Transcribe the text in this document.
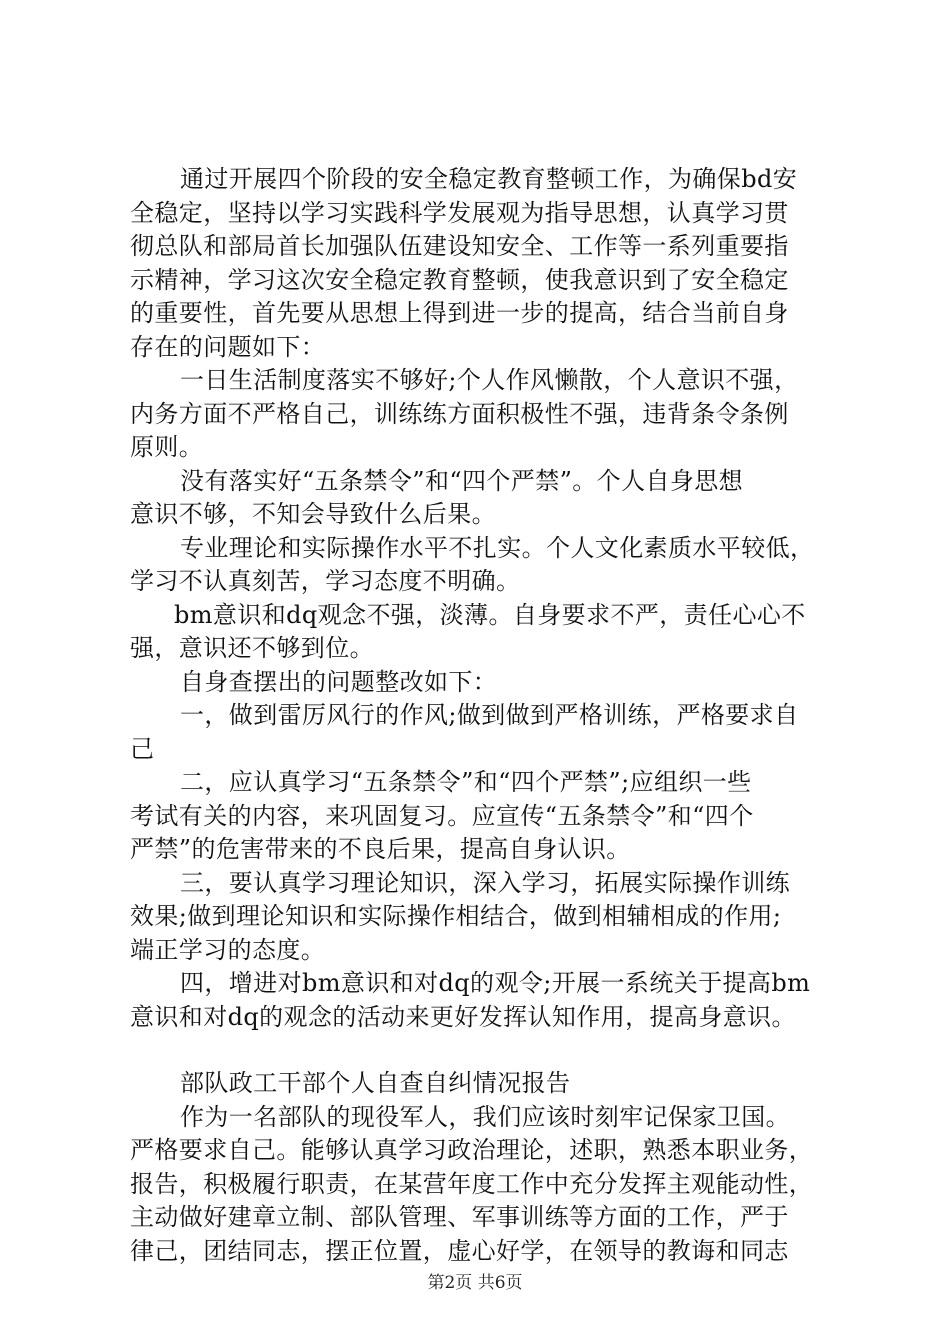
通过开展四个阶段的安全稳定教育整顿工作，为确保bd安
全稳定，坚持以学习实践科学发展观为指导思想，认真学习贯
彻总队和部局首长加强队伍建设知安全、工作等一系列重要指
示精神，学习这次安全稳定教育整顿，使我意识到了安全稳定
的重要性，首先要从思想上得到进一步的提高，结合当前自身
存在的问题如下：
一日生活制度落实不够好;个人作风懒散，个人意识不强，
内务方面不严格自己，训练练方面积极性不强，违背条令条例
原则。
没有落实好“五条禁令”和“四个严禁”。个人自身思想
意识不够，不知会导致什么后果。
专业理论和实际操作水平不扎实。个人文化素质水平较低，
学习不认真刻苦，学习态度不明确。
bm意识和dq观念不强，淡薄。自身要求不严，责任心心不
强，意识还不够到位。
自身查摆出的问题整改如下：
一，做到雷厉风行的作风;做到做到严格训练，严格要求自
己
二，应认真学习“五条禁令”和“四个严禁”;应组织一些
考试有关的内容，来巩固复习。应宣传“五条禁令”和“四个
严禁”的危害带来的不良后果，提高自身认识。
三，要认真学习理论知识，深入学习，拓展实际操作训练
效果;做到理论知识和实际操作相结合，做到相辅相成的作用;
端正学习的态度。
四，增进对bm意识和对dq的观令;开展一系统关于提高bm
意识和对dq的观念的活动来更好发挥认知作用，提高身意识。
部队政工干部个人自查自纠情况报告
作为一名部队的现役军人，我们应该时刻牢记保家卫国。
严格要求自己。能够认真学习政治理论，述职，熟悉本职业务，
报告，积极履行职责，在某营年度工作中充分发挥主观能动性，
主动做好建章立制、部队管理、军事训练等方面的工作，严于
律己，团结同志，摆正位置，虚心好学，在领导的教诲和同志
第2页 共6页
